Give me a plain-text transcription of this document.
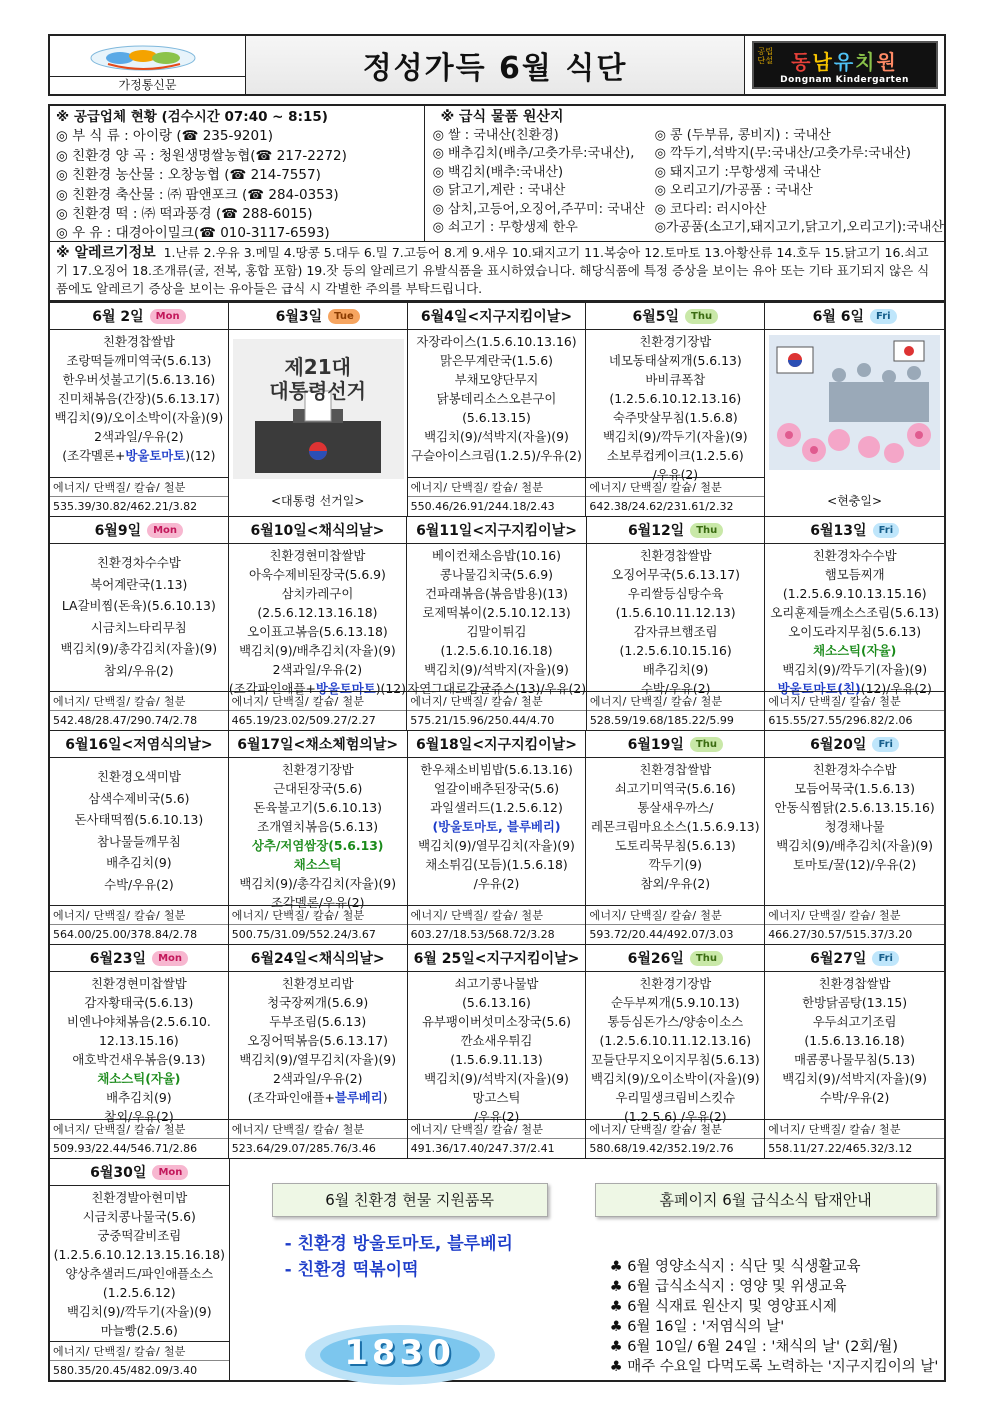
가정통신문	정성가득 6월 식단	공립 단설 동남유치원
Dongnam Kindergarten
※ 공급업체 현황 (검수시간 07:40 ~ 8:15)
◎ 부 식 류 : 아이랑 (☎ 235-9201)
◎ 친환경 양 곡 : 청원생명쌀농협(☎ 217-2272)
◎ 친환경 농산물 : 오창농협 (☎ 214-7557)
◎ 친환경 축산물 : ㈜ 팜앤포크 (☎ 284-0353)
◎ 친환경 떡 : ㈜ 떡과풍경 (☎ 288-6015)
◎ 우 유 : 대경아이밀크(☎ 010-3117-6593)
※ 급식 물품 원산지
◎ 쌀 : 국내산(친환경)	◎ 콩 (두부류, 콩비지) : 국내산
◎ 배추김치(배추/고춧가루:국내산),	◎ 깍두기,석박지(무:국내산/고춧가루:국내산)
◎ 백김치(배추:국내산)	◎ 돼지고기 :무항생제 국내산
◎ 닭고기,계란 : 국내산	◎ 오리고기/가공품 : 국내산
◎ 삼치,고등어,오징어,주꾸미: 국내산 ◎ 코다리: 러시아산
◎ 쇠고기 : 무항생제 한우	◎가공품(소고기,돼지고기,닭고기,오리고기):국내산
※ 알레르기정보 1.난류 2.우유 3.메밀 4.땅콩 5.대두 6.밀 7.고등어 8.게 9.새우 10.돼지고기 11.복숭아 12.토마토 13.아황산류 14.호두 15.닭고기 16.쇠고기 17.오징어 18.조개류(굴, 전복, 홍합 포함) 19.잣 등의 알레르기 유발식품을 표시하였습니다. 해당식품에 특정 증상을 보이는 유아 또는 기타 표기되지 않은 식품에도 알레르기 증상을 보이는 유아들은 급식 시 각별한 주의를 부탁드립니다.
6월 2일	Mon
친환경찹쌀밥
조랑떡들깨미역국(5.6.13)
한우버섯불고기(5.6.13.16)
진미채볶음(간장)(5.6.13.17)
백김치(9)/오이소박이(자율)(9)
2색과일/우유(2)
(조각멜론+방울토마토)(12)
에너지/ 단백질/ 칼슘/ 철분
535.39/30.82/462.21/3.82
6월3일	Tue
제21대
대통령선거
<대통령 선거일>
6월4일<지구지킴이날>
자장라이스(1.5.6.10.13.16)
맑은무계란국(1.5.6)
부채모양단무지
닭봉데리소스오븐구이
(5.6.13.15)
백김치(9)/석박지(자율)(9)
구슬아이스크림(1.2.5)/우유(2)
에너지/ 단백질/ 칼슘/ 철분
550.46/26.91/244.18/2.43
6월5일	Thu
친환경기장밥
네모동태살찌개(5.6.13)
바비큐폭찹
(1.2.5.6.10.12.13.16)
숙주맛살무침(1.5.6.8)
백김치(9)/깍두기(자율)(9)
소보루컵케이크(1.2.5.6)
/우유(2)
에너지/ 단백질/ 칼슘/ 철분
642.38/24.62/231.61/2.32
6월 6일	Fri
<현충일>
6월9일	Mon
친환경차수수밥
북어계란국(1.13)
LA갈비찜(돈육)(5.6.10.13)
시금치느타리무침
백김치(9)/총각김치(자율)(9)
참외/우유(2)
에너지/ 단백질/ 칼슘/ 철분
542.48/28.47/290.74/2.78
6월10일<채식의날>
친환경현미찹쌀밥
아욱수제비된장국(5.6.9)
삼치카레구이
(2.5.6.12.13.16.18)
오이표고볶음(5.6.13.18)
백김치(9)/배추김치(자율)(9)
2색과일/우유(2)
(조각파인애플+방울토마토)(12)
에너지/ 단백질/ 칼슘/ 철분
465.19/23.02/509.27/2.27
6월11일<지구지킴이날>
베이컨채소음밥(10.16)
콩나물김치국(5.6.9)
건파래볶음(볶음밥용)(13)
로제떡볶이(2.5.10.12.13)
김말이튀김
(1.2.5.6.10.16.18)
백김치(9)/석박지(자율)(9)
자연그대로감귤쥬스(13)/우유(2)
에너지/ 단백질/ 칼슘/ 철분
575.21/15.96/250.44/4.70
6월12일	Thu
친환경찹쌀밥
오징어무국(5.6.13.17)
우리쌀등심탕수육
(1.5.6.10.11.12.13)
감자큐브햄조림
(1.2.5.6.10.15.16)
배추김치(9)
수박/우유(2)
에너지/ 단백질/ 칼슘/ 철분
528.59/19.68/185.22/5.99
6월13일	Fri
친환경차수수밥
햄모듬찌개
(1.2.5.6.9.10.13.15.16)
오리훈제들깨소스조림(5.6.13)
오이도라지무침(5.6.13)
채소스틱(자율)
백김치(9)/깍두기(자율)(9)
방울토마토(친)(12)/우유(2)
에너지/ 단백질/ 칼슘/ 철분
615.55/27.55/296.82/2.06
6월16일<저염식의날>
친환경오색미밥
삼색수제비국(5.6)
돈사태떡찜(5.6.10.13)
참나물들깨무침
배추김치(9)
수박/우유(2)
에너지/ 단백질/ 칼슘/ 철분
564.00/25.00/378.84/2.78
6월17일<채소체험의날>
친환경기장밥
근대된장국(5.6)
돈육불고기(5.6.10.13)
조개열치볶음(5.6.13)
상추/저염쌈장(5.6.13)
채소스틱
백김치(9)/총각김치(자율)(9)
조각멜론/우유(2)
에너지/ 단백질/ 칼슘/ 철분
500.75/31.09/552.24/3.67
6월18일<지구지킴이날>
한우채소비빔밥(5.6.13.16)
얼갈이배추된장국(5.6)
과일샐러드(1.2.5.6.12)
(방울토마토, 블루베리)
백김치(9)/열무김치(자율)(9)
채소튀김(모듬)(1.5.6.18)
/우유(2)
에너지/ 단백질/ 칼슘/ 철분
603.27/18.53/568.72/3.28
6월19일	Thu
친환경찹쌀밥
쇠고기미역국(5.6.16)
통살새우까스/
레몬크림마요소스(1.5.6.9.13)
도토리묵무침(5.6.13)
깍두기(9)
참외/우유(2)
에너지/ 단백질/ 칼슘/ 철분
593.72/20.44/492.07/3.03
6월20일	Fri
친환경차수수밥
모듬어묵국(1.5.6.13)
안동식찜닭(2.5.6.13.15.16)
청경채나물
백김치(9)/배추김치(자율)(9)
토마토/꿀(12)/우유(2)
에너지/ 단백질/ 칼슘/ 철분
466.27/30.57/515.37/3.20
6월23일	Mon
친환경현미찹쌀밥
감자황태국(5.6.13)
비엔나야채볶음(2.5.6.10.
12.13.15.16)
애호박건새우볶음(9.13)
채소스틱(자율)
배추김치(9)
참외/우유(2)
에너지/ 단백질/ 칼슘/ 철분
509.93/22.44/546.71/2.86
6월24일<채식의날>
친환경보리밥
청국장찌개(5.6.9)
두부조림(5.6.13)
오징어떡볶음(5.6.13.17)
백김치(9)/열무김치(자율)(9)
2색과일/우유(2)
(조각파인애플+블루베리)
에너지/ 단백질/ 칼슘/ 철분
523.64/29.07/285.76/3.46
6월 25일<지구지킴이날>
쇠고기콩나물밥
(5.6.13.16)
유부팽이버섯미소장국(5.6)
깐쇼새우튀김
(1.5.6.9.11.13)
백김치(9)/석박지(자율)(9)
망고스틱
/우유(2)
에너지/ 단백질/ 칼슘/ 철분
491.36/17.40/247.37/2.41
6월26일	Thu
친환경기장밥
순두부찌개(5.9.10.13)
통등심돈가스/양송이소스
(1.2.5.6.10.11.12.13.16)
꼬들단무지오이지무침(5.6.13)
백김치(9)/오이소박이(자율)(9)
우리밀생크림비스킷슈
(1.2.5.6) /우유(2)
에너지/ 단백질/ 칼슘/ 철분
580.68/19.42/352.19/2.76
6월27일	Fri
친환경찹쌀밥
한방닭곰탕(13.15)
우두쇠고기조림
(1.5.6.13.16.18)
매콤콩나물무침(5.13)
백김치(9)/석박지(자율)(9)
수박/우유(2)
에너지/ 단백질/ 칼슘/ 철분
558.11/27.22/465.32/3.12
6월30일	Mon
친환경발아현미밥
시금치콩나물국(5.6)
궁중떡갈비조림
(1.2.5.6.10.12.13.15.16.18)
양상추샐러드/파인애플소스
(1.2.5.6.12)
백김치(9)/깍두기(자율)(9)
마늘빵(2.5.6)
에너지/ 단백질/ 칼슘/ 철분
580.35/20.45/482.09/3.40
6월 친환경 현물 지원품목	홈페이지 6월 급식소식 탑재안내
- 친환경 방울토마토, 블루베리
- 친환경 떡볶이떡
1830
♣ 6월 영양소식지 : 식단 및 식생활교육
♣ 6월 급식소식지 : 영양 및 위생교육
♣ 6월 식재료 원산지 및 영양표시제
♣ 6월 16일 : '저염식의 날'
♣ 6월 10일/ 6월 24일 : '채식의 날' (2회/월)
♣ 매주 수요일 다먹도록 노력하는 '지구지킴이의 날'
